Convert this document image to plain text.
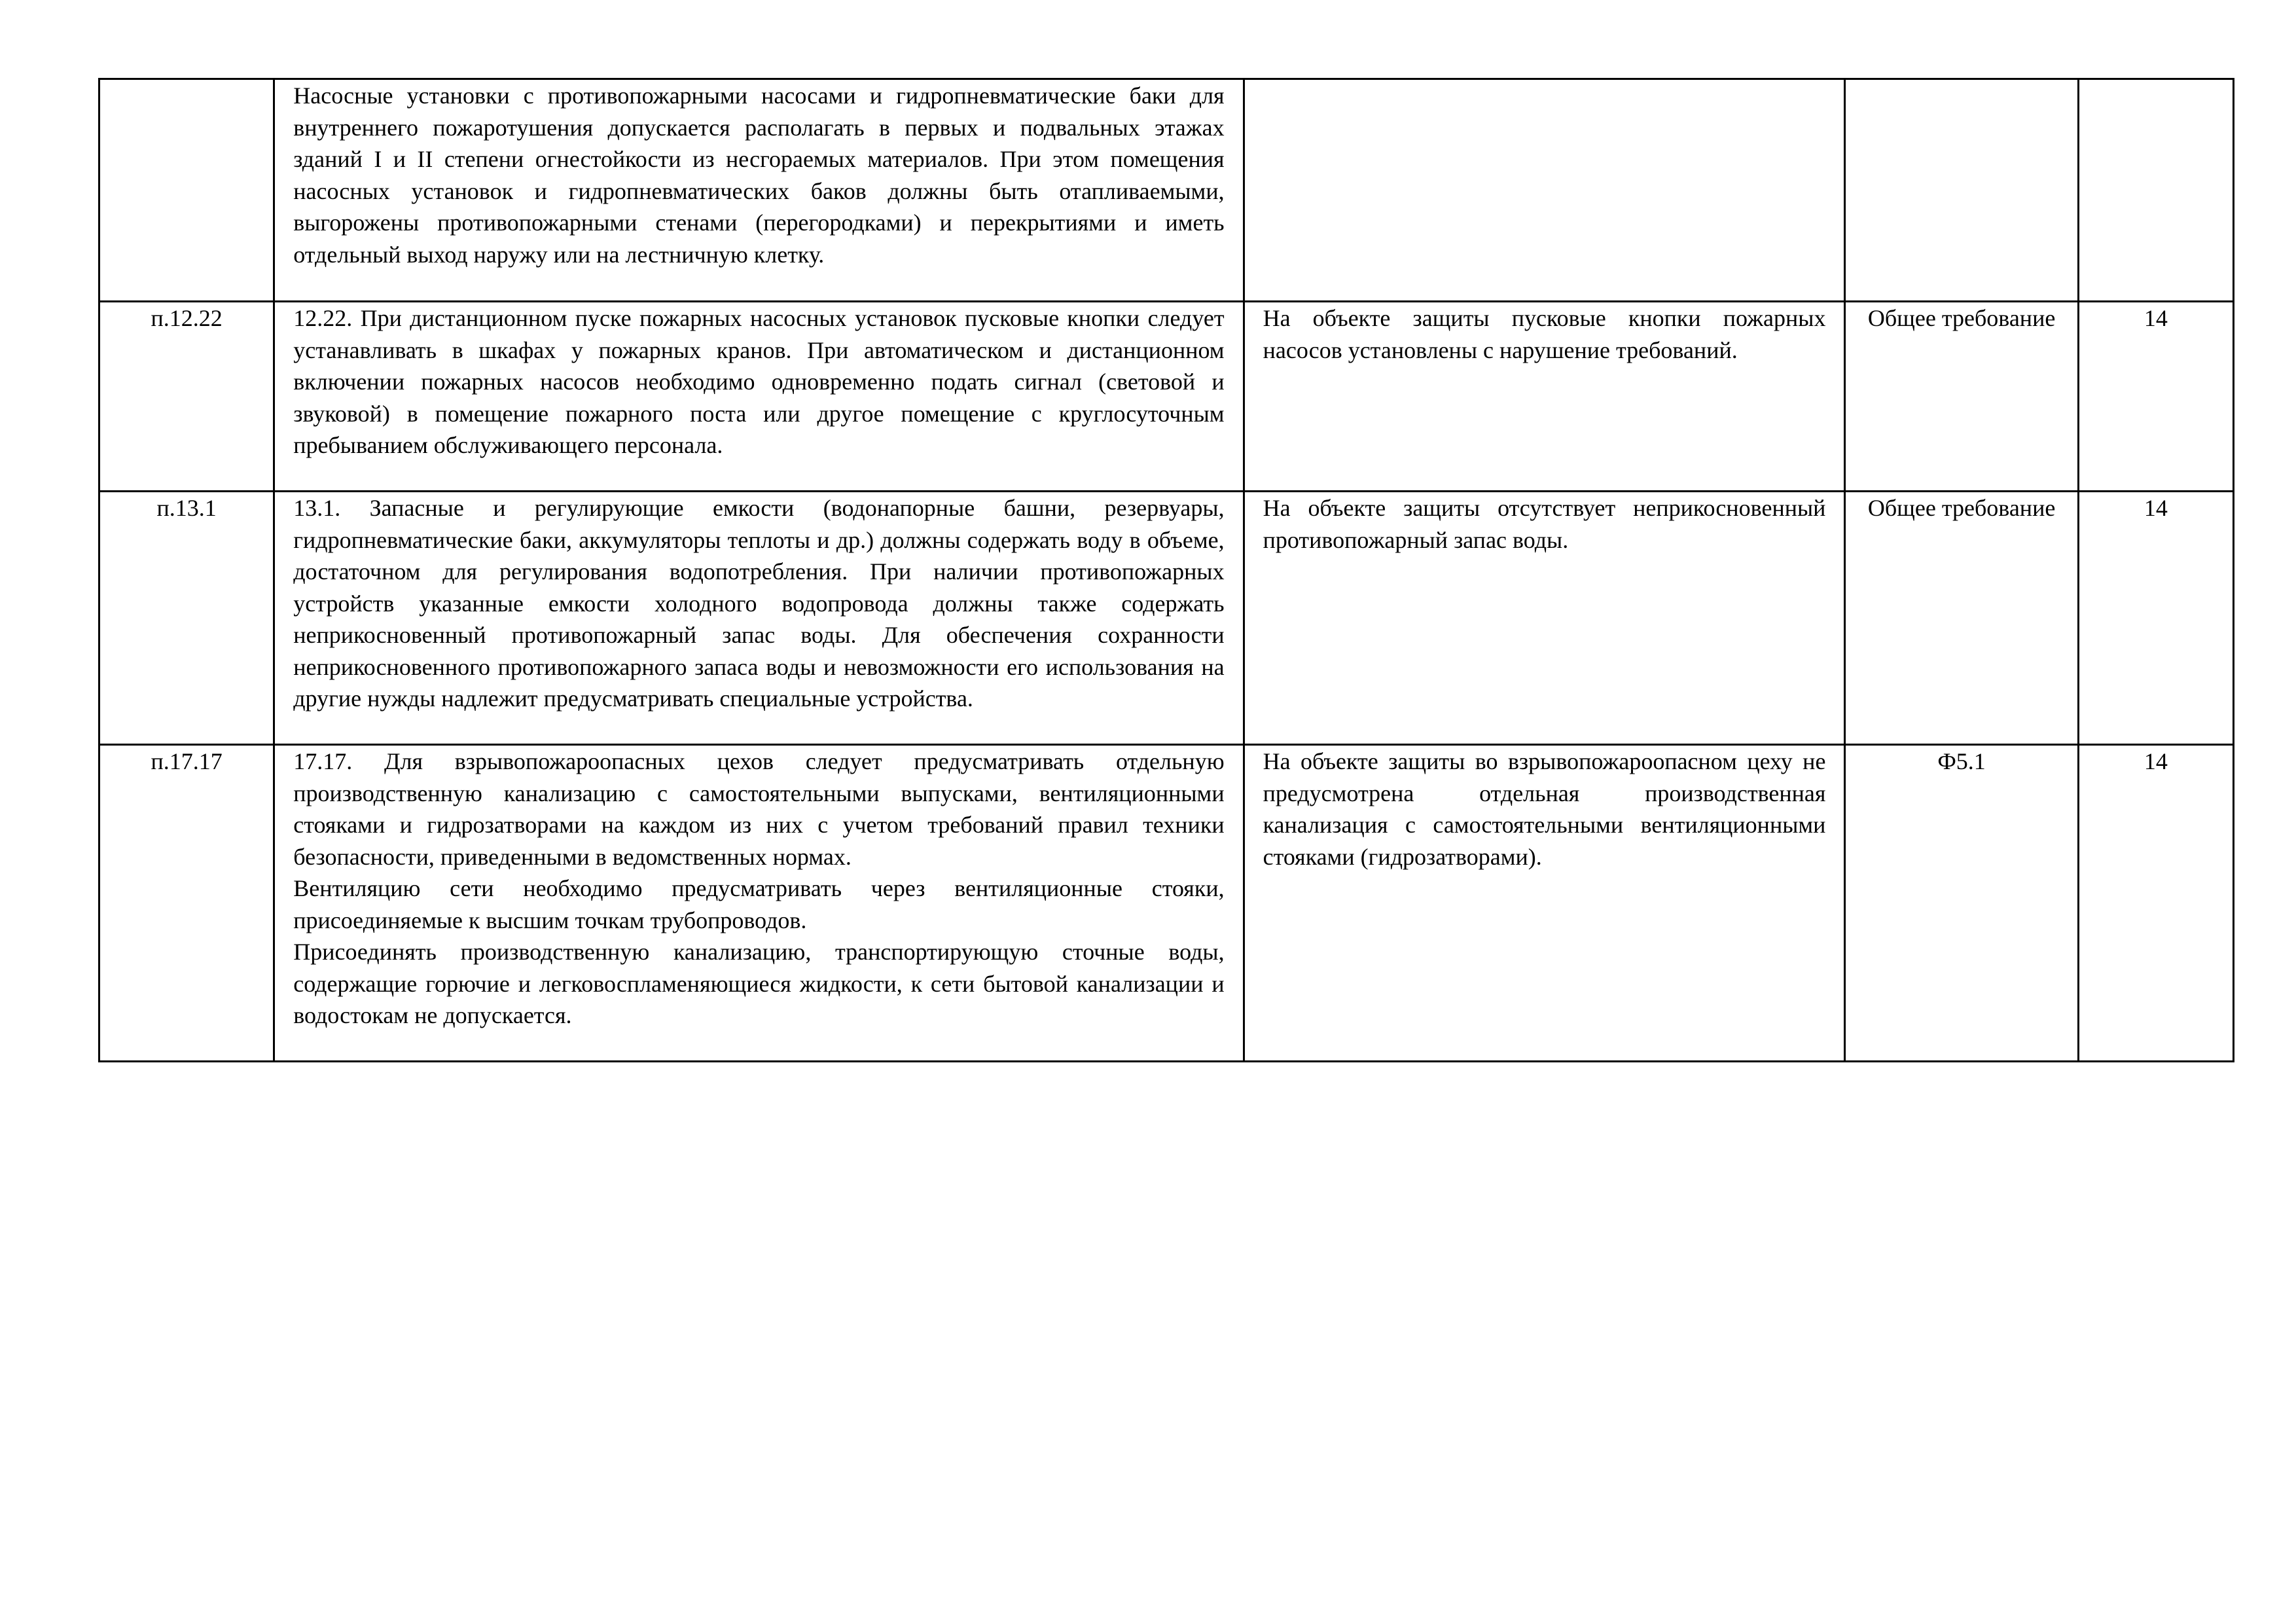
	Насосные установки с противопожарными насосами и гидропневматические баки для внутреннего пожаротушения допускается располагать в первых и подвальных этажах зданий I и II степени огнестойкости из несгораемых материалов. При этом помещения насосных установок и гидропневматических баков должны быть отапливаемыми, выгорожены противопожарными стенами (перегородками) и перекрытиями и иметь отдельный выход наружу или на лестничную клетку.			

п.12.22	12.22. При дистанционном пуске пожарных насосных установок пусковые кнопки следует устанавливать в шкафах у пожарных кранов. При автоматическом и дистанционном включении пожарных насосов необходимо одновременно подать сигнал (световой и звуковой) в помещение пожарного поста или другое помещение с круглосуточным пребыванием обслуживающего персонала.	На объекте защиты пусковые кнопки пожарных насосов установлены с нарушение требований.	Общее требование	14
п.13.1	13.1. Запасные и регулирующие емкости (водонапорные башни, резервуары, гидропневматические баки, аккумуляторы теплоты и др.) должны содержать воду в объеме, достаточном для регулирования водопотребления. При наличии противопожарных устройств указанные емкости холодного водопровода должны также содержать неприкосновенный противопожарный запас воды. Для обеспечения сохранности неприкосновенного противопожарного запаса воды и невозможности его использования на другие нужды надлежит предусматривать специальные устройства.	На объекте защиты отсутствует неприкосновенный противопожарный запас воды.	Общее требование	14
п.17.17	17.17. Для взрывопожароопасных цехов следует предусматривать отдельную производственную канализацию с самостоятельными выпусками, вентиляционными стояками и гидрозатворами на каждом из них с учетом требований правил техники безопасности, приведенными в ведомственных нормах.

Вентиляцию сети необходимо предусматривать через вентиляционные стояки, присоединяемые к высшим точкам трубопроводов.

Присоединять производственную канализацию, транспортирующую сточные воды, содержащие горючие и легковоспламеняющиеся жидкости, к сети бытовой канализации и водостокам не допускается.	На объекте защиты во взрывопожароопасном цеху не предусмотрена отдельная производственная канализация с самостоятельными вентиляционными стояками (гидрозатворами).	Ф5.1	14
